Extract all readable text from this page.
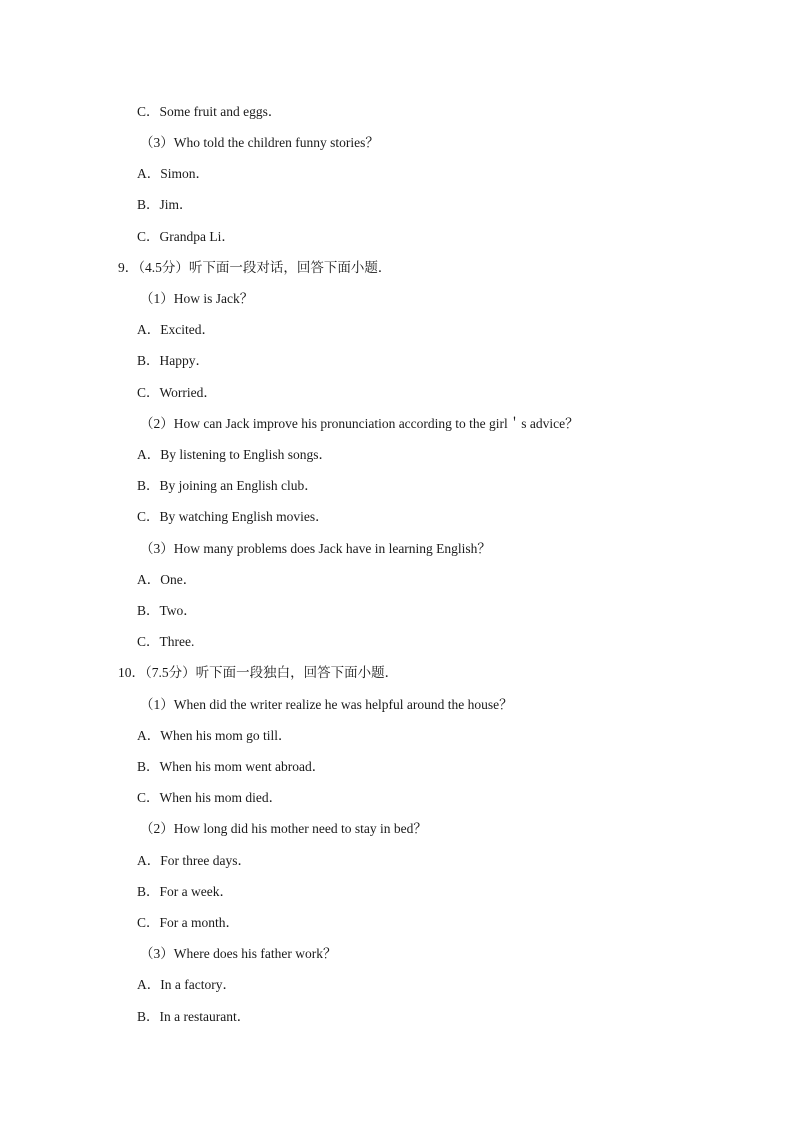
C．Some fruit and eggs．
（3）Who told the children funny stories？
A．Simon．
B．Jim．
C．Grandpa Li．
9．（4.5分）听下面一段对话，回答下面小题．
（1）How is Jack？
A．Excited．
B．Happy．
C．Worried．
（2）How can Jack improve his pronunciation according to the girl＇s advice？
A．By listening to English songs．
B．By joining an English club．
C．By watching English movies．
（3）How many problems does Jack have in learning English？
A．One．
B．Two．
C．Three.
10．（7.5分）听下面一段独白，回答下面小题．
（1）When did the writer realize he was helpful around the house？
A．When his mom go till．
B．When his mom went abroad．
C．When his mom died．
（2）How long did his mother need to stay in bed？
A．For three days．
B．For a week．
C．For a month．
（3）Where does his father work？
A．In a factory．
B．In a restaurant．
